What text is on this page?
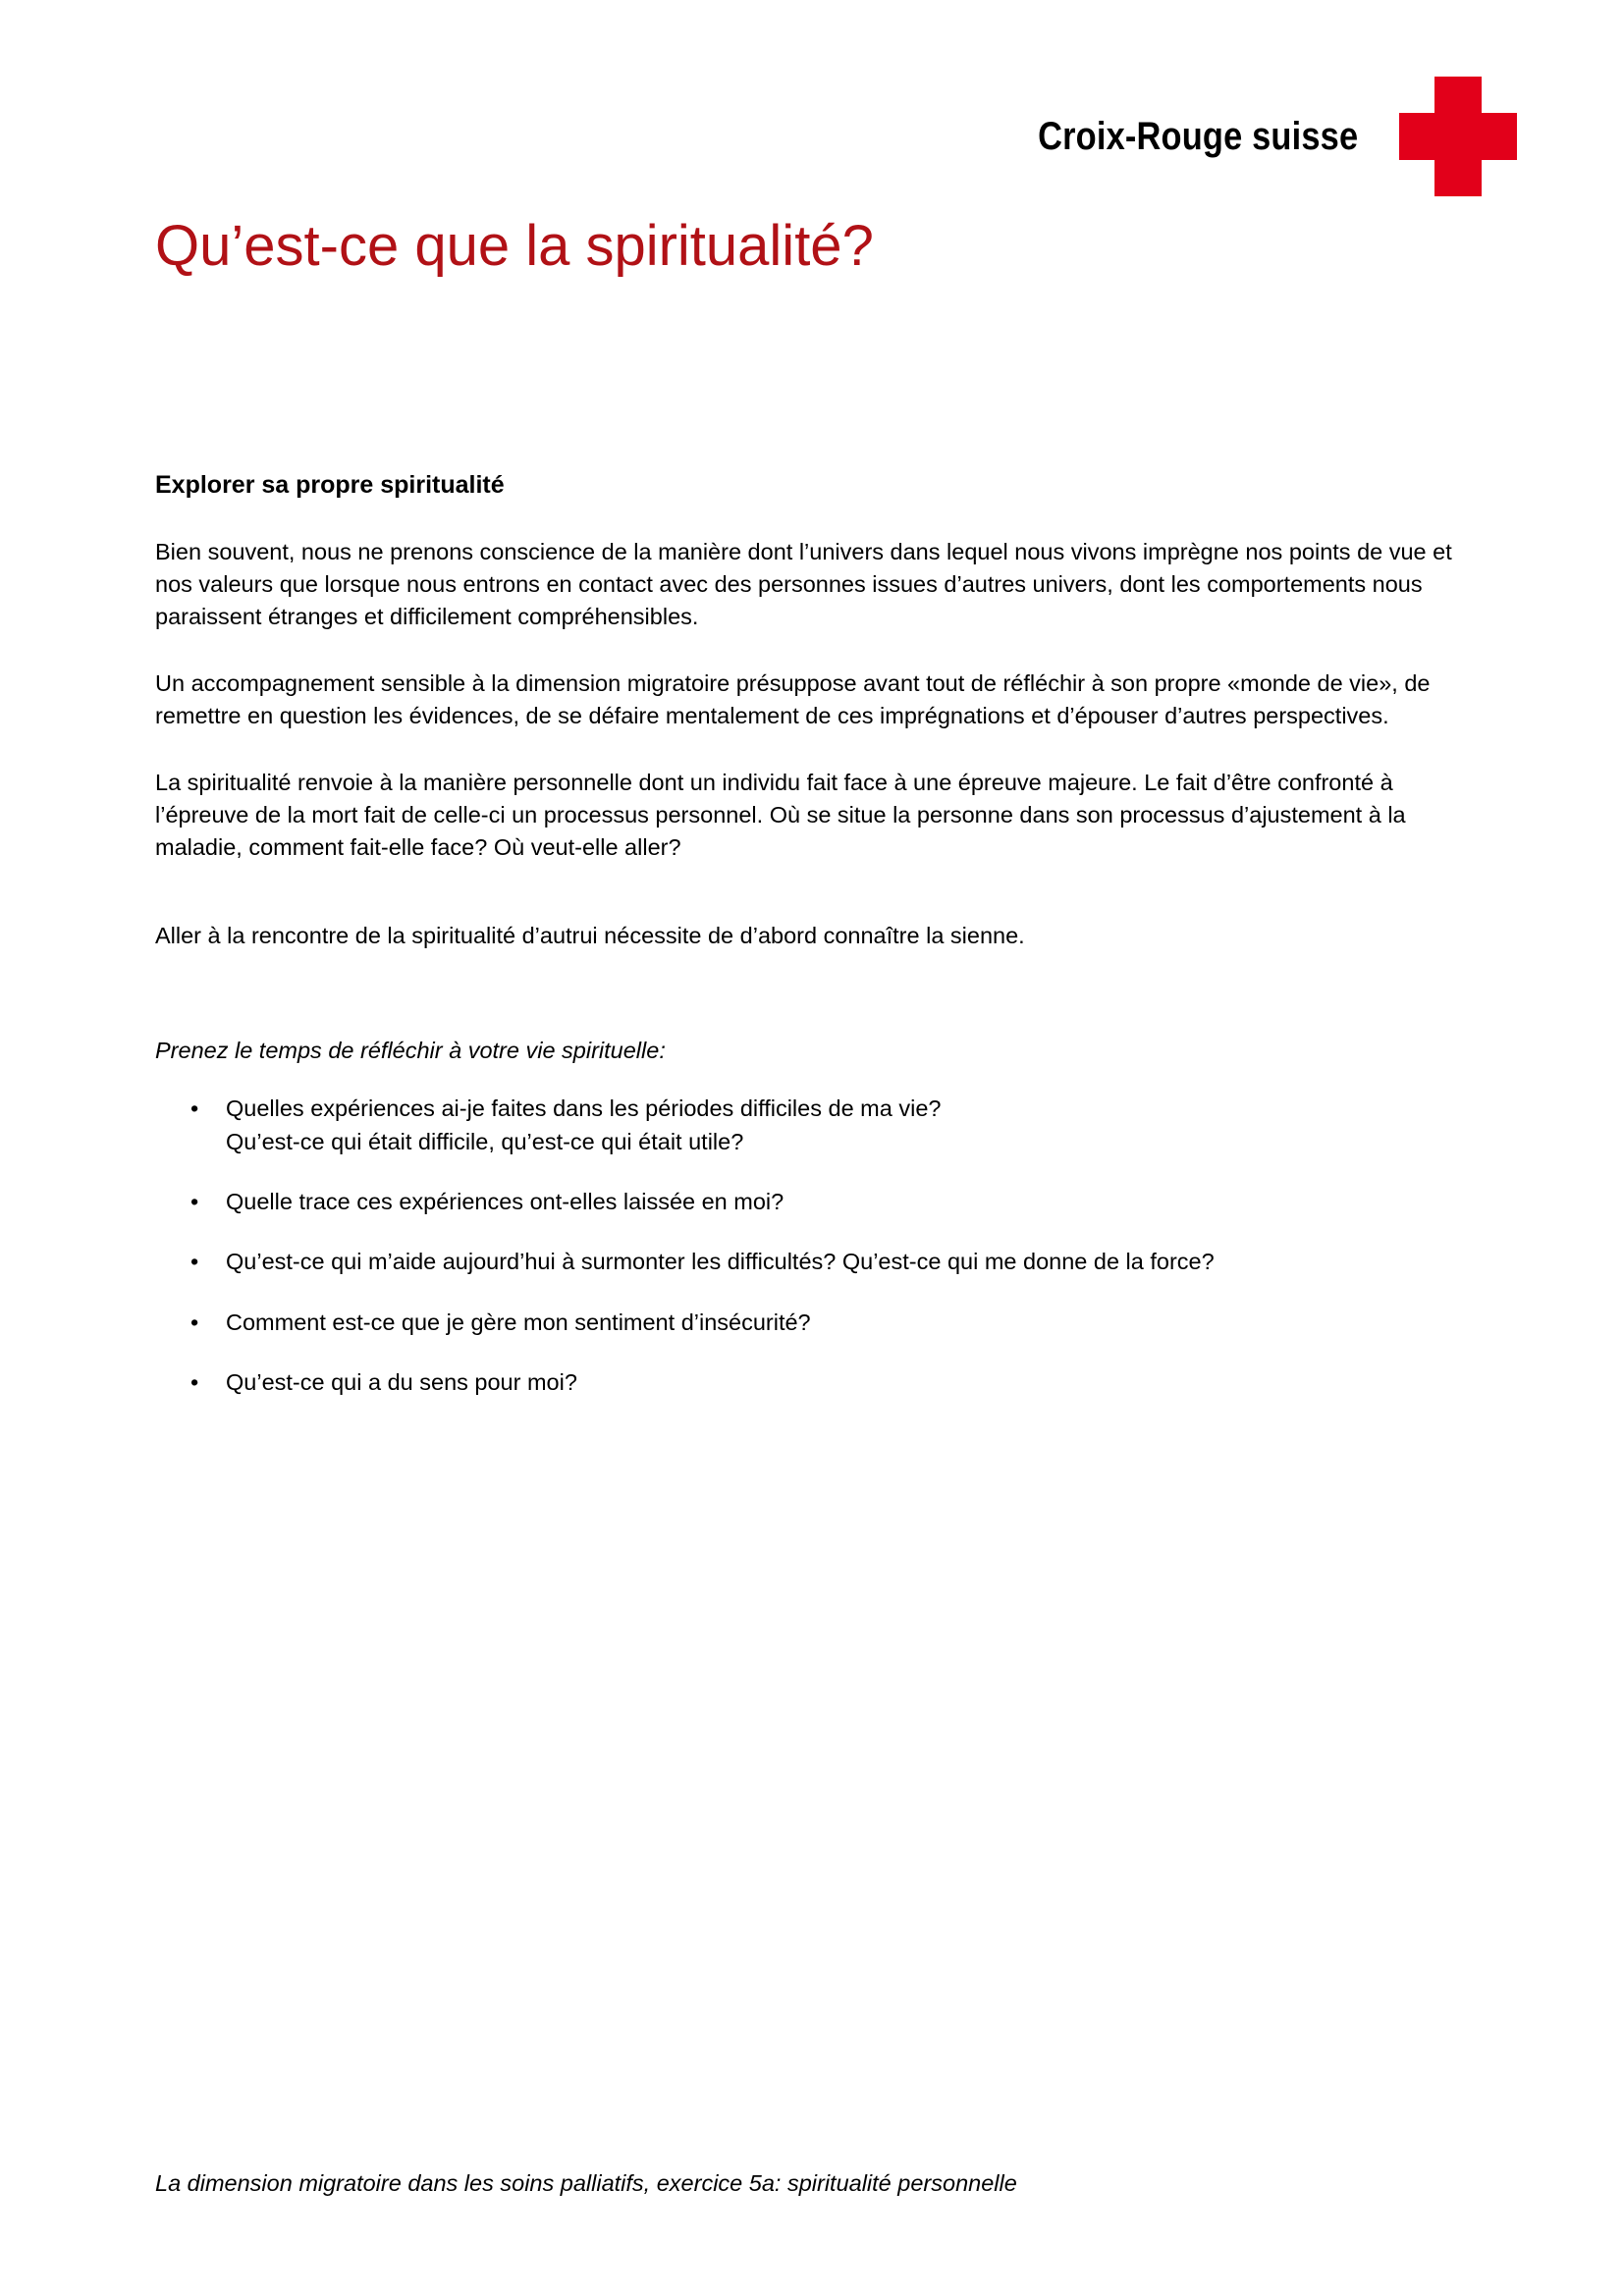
Croix-Rouge suisse
Qu’est-ce que la spiritualité?
Explorer sa propre spiritualité

Bien souvent, nous ne prenons conscience de la manière dont l’univers dans lequel nous vivons imprègne nos points de vue et nos valeurs que lorsque nous entrons en contact avec des personnes issues d’autres univers, dont les comportements nous paraissent étranges et difficilement compréhensibles.

Un accompagnement sensible à la dimension migratoire présuppose avant tout de réfléchir à son propre «monde de vie», de remettre en question les évidences, de se défaire mentalement de ces imprégnations et d’épouser d’autres perspectives.

La spiritualité renvoie à la manière personnelle dont un individu fait face à une épreuve majeure. Le fait d’être confronté à l’épreuve de la mort fait de celle-ci un processus personnel. Où se situe la personne dans son processus d’ajustement à la maladie, comment fait-elle face? Où veut-elle aller?

Aller à la rencontre de la spiritualité d’autrui nécessite de d’abord connaître la sienne.

Prenez le temps de réfléchir à votre vie spirituelle:

• Quelles expériences ai-je faites dans les périodes difficiles de ma vie?
Qu’est-ce qui était difficile, qu’est-ce qui était utile?
• Quelle trace ces expériences ont-elles laissée en moi?
• Qu’est-ce qui m’aide aujourd’hui à surmonter les difficultés? Qu’est-ce qui me donne de la force?
• Comment est-ce que je gère mon sentiment d’insécurité?
• Qu’est-ce qui a du sens pour moi?
La dimension migratoire dans les soins palliatifs, exercice 5a: spiritualité personnelle
